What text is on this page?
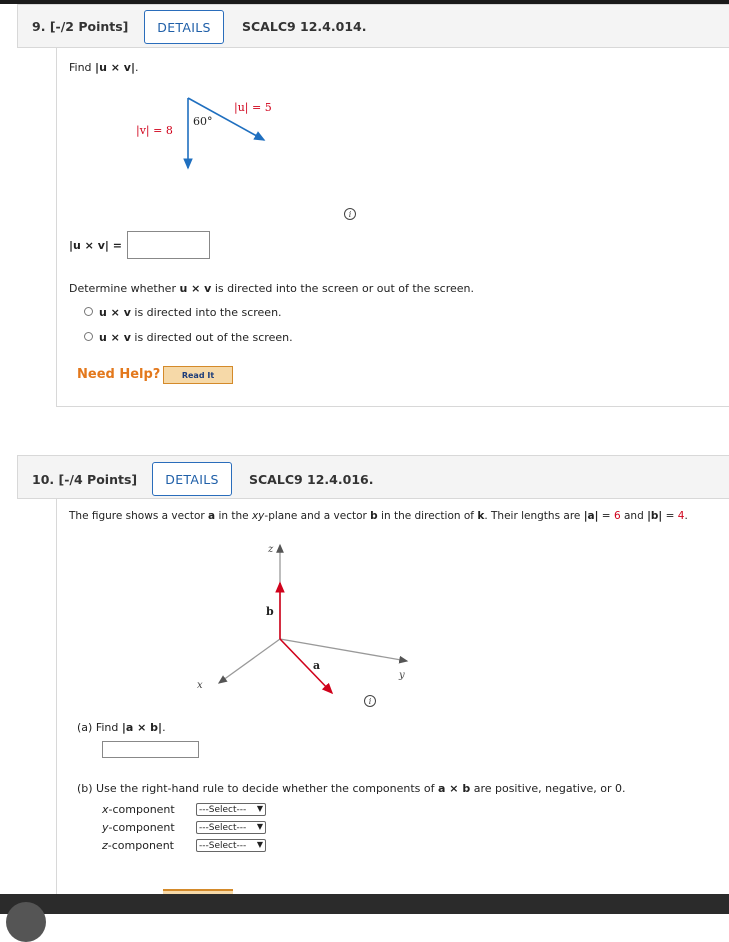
9. [-/2 Points]	DETAILS	SCALC9 12.4.014.
Find |u × v|.
60°
|v| = 8
|u| = 5
i
|u × v| =
Determine whether u × v is directed into the screen or out of the screen.
u × v is directed into the screen.
u × v is directed out of the screen.
Need Help?	Read It
10. [-/4 Points]	DETAILS	SCALC9 12.4.016.
The figure shows a vector a in the xy-plane and a vector b in the direction of k. Their lengths are |a| = 6 and |b| = 4.
z
y
x
b
a
i
(a) Find |a × b|.
(b) Use the right-hand rule to decide whether the components of a × b are positive, negative, or 0.
x-component	---Select--- ▼
y-component	---Select--- ▼
z-component	---Select--- ▼
